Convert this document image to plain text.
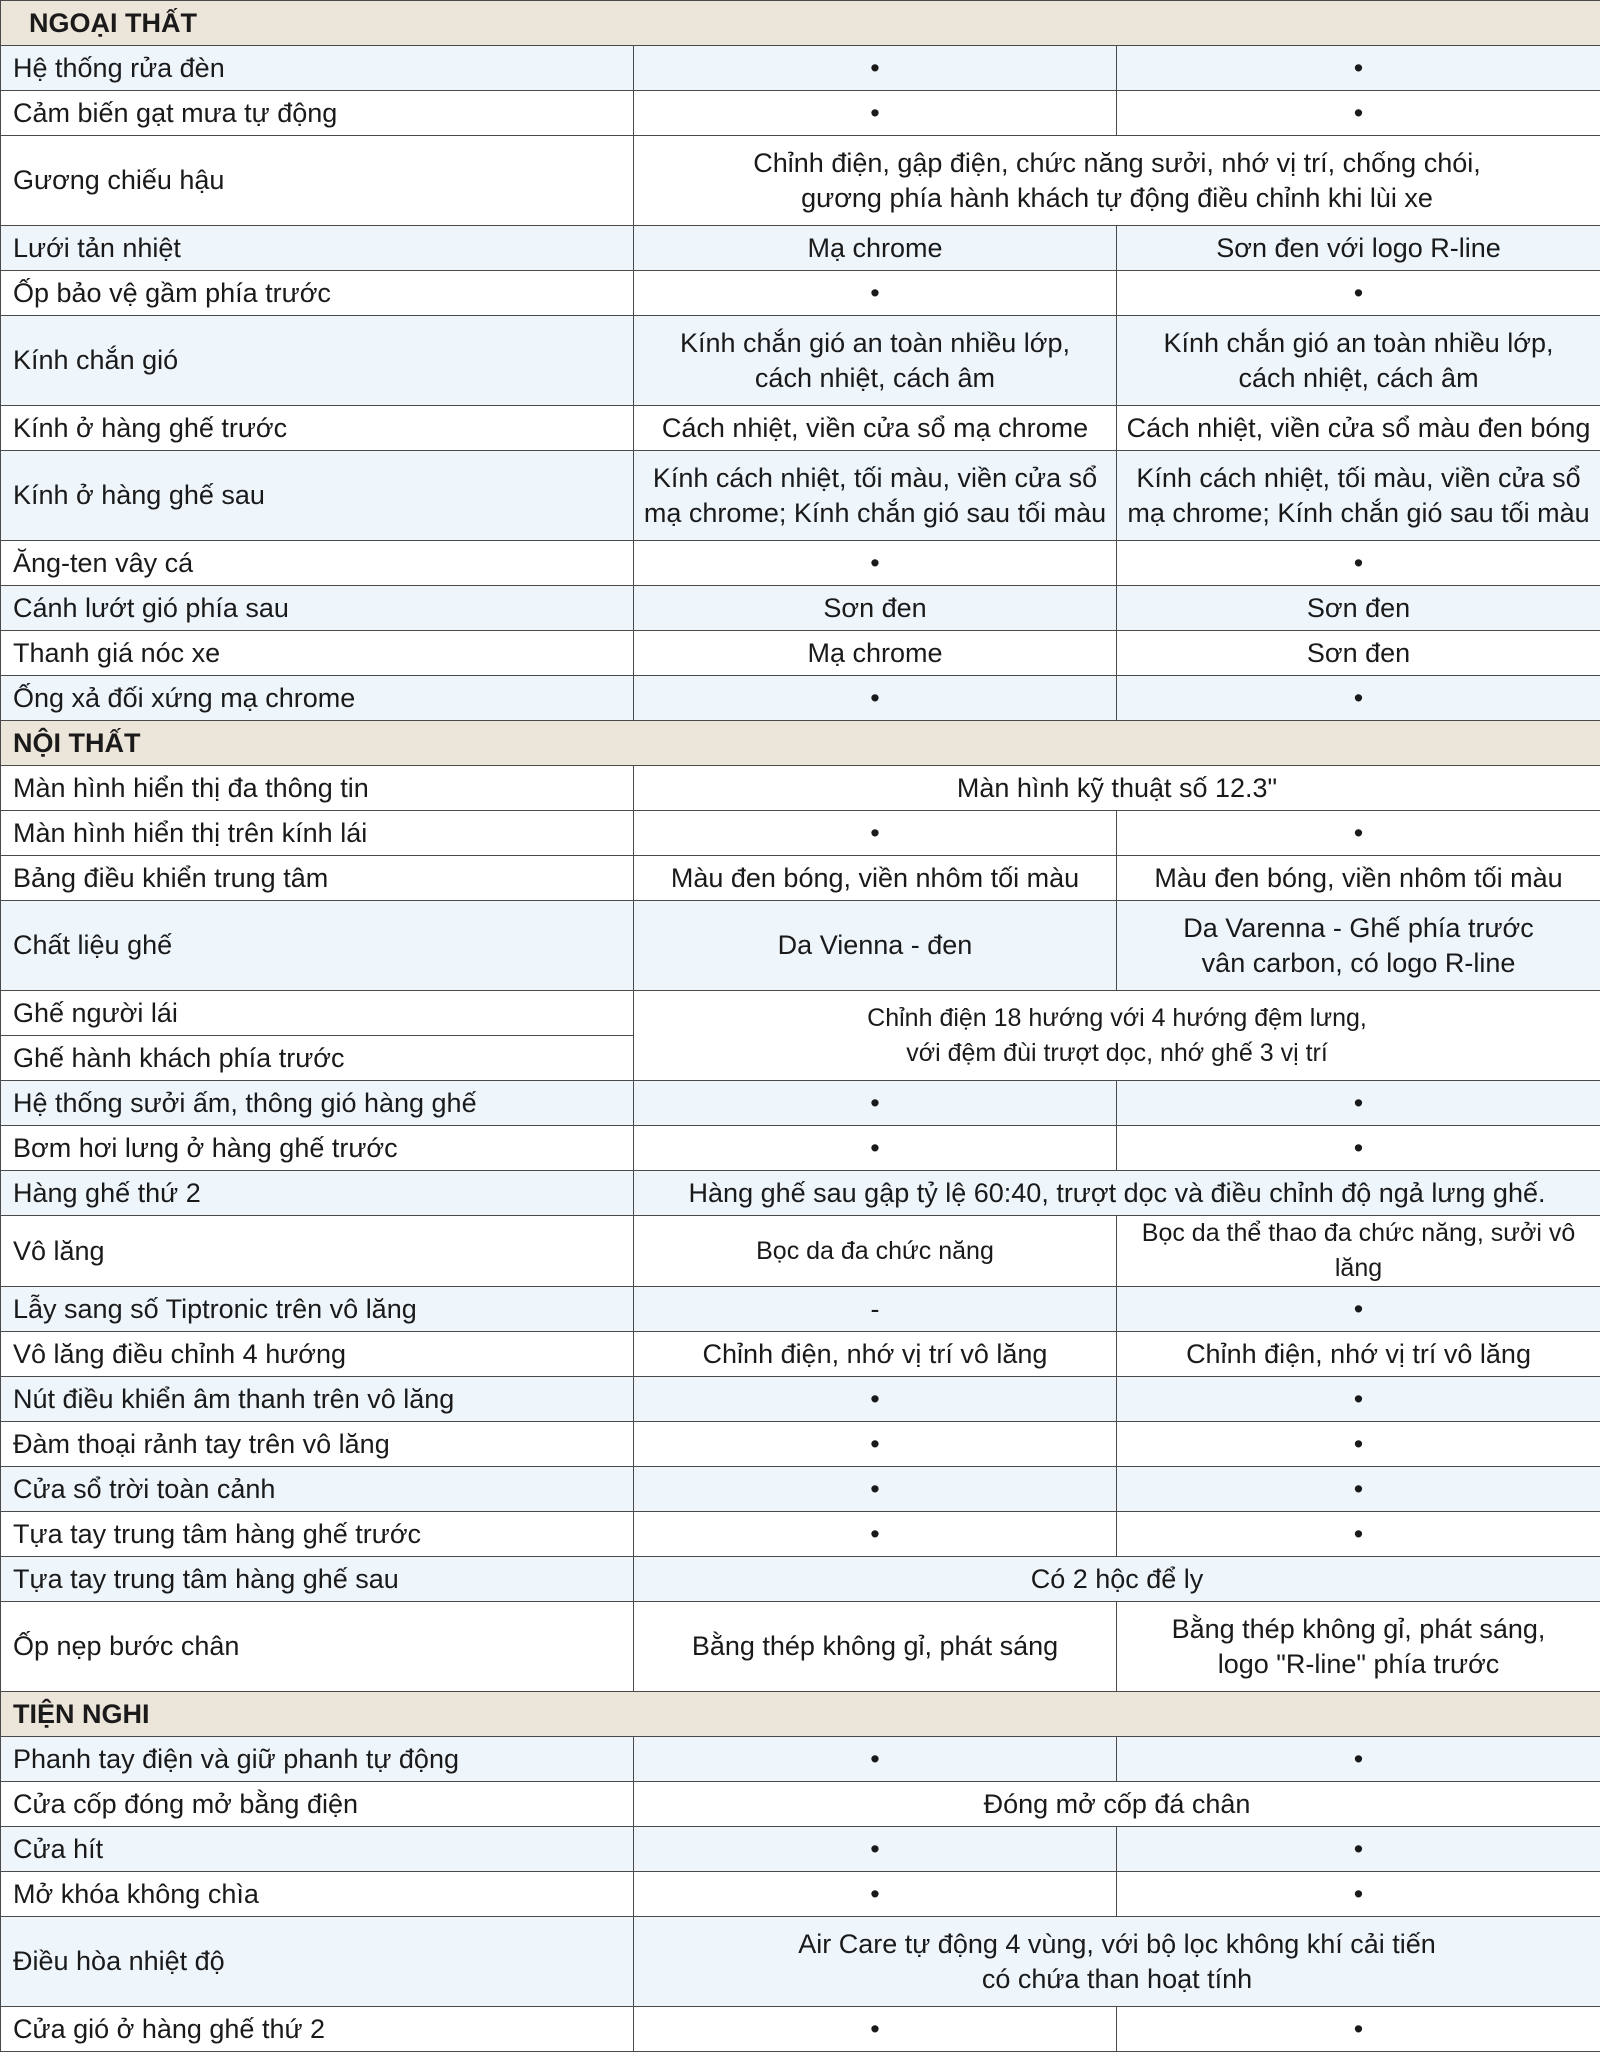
NGOẠI THẤT		
Hệ thống rửa đèn	•	•
Cảm biến gạt mưa tự động	•	•
Gương chiếu hậu	Chỉnh điện, gập điện, chức năng sưởi, nhớ vị trí, chống chói,
gương phía hành khách tự động điều chỉnh khi lùi xe	

Lưới tản nhiệt	Mạ chrome	Sơn đen với logo R-line
Ốp bảo vệ gầm phía trước	•	•
Kính chắn gió	Kính chắn gió an toàn nhiều lớp,
cách nhiệt, cách âm	Kính chắn gió an toàn nhiều lớp,
cách nhiệt, cách âm

Kính ở hàng ghế trước	Cách nhiệt, viền cửa sổ mạ chrome	Cách nhiệt, viền cửa sổ màu đen bóng
Kính ở hàng ghế sau	Kính cách nhiệt, tối màu, viền cửa sổ
mạ chrome; Kính chắn gió sau tối màu	Kính cách nhiệt, tối màu, viền cửa sổ
mạ chrome; Kính chắn gió sau tối màu

Ăng-ten vây cá	•	•
Cánh lướt gió phía sau	Sơn đen	Sơn đen
Thanh giá nóc xe	Mạ chrome	Sơn đen
Ống xả đối xứng mạ chrome	•	•
NỘI THẤT		
Màn hình hiển thị đa thông tin	Màn hình kỹ thuật số 12.3"	
Màn hình hiển thị trên kính lái	•	•
Bảng điều khiển trung tâm	Màu đen bóng, viền nhôm tối màu	Màu đen bóng, viền nhôm tối màu
Chất liệu ghế	Da Vienna - đen	Da Varenna - Ghế phía trước
vân carbon, có logo R-line

Ghế người lái	Chỉnh điện 18 hướng với 4 hướng đệm lưng,
với đệm đùi trượt dọc, nhớ ghế 3 vị trí	

Ghế hành khách phía trước		
Hệ thống sưởi ấm, thông gió hàng ghế	•	•
Bơm hơi lưng ở hàng ghế trước	•	•
Hàng ghế thứ 2	Hàng ghế sau gập tỷ lệ 60:40, trượt dọc và điều chỉnh độ ngả lưng ghế.	
Vô lăng	Bọc da đa chức năng	Bọc da thể thao đa chức năng, sưởi vô lăng
Lẫy sang số Tiptronic trên vô lăng	-	•
Vô lăng điều chỉnh 4 hướng	Chỉnh điện, nhớ vị trí vô lăng	Chỉnh điện, nhớ vị trí vô lăng
Nút điều khiển âm thanh trên vô lăng	•	•
Đàm thoại rảnh tay trên vô lăng	•	•
Cửa sổ trời toàn cảnh	•	•
Tựa tay trung tâm hàng ghế trước	•	•
Tựa tay trung tâm hàng ghế sau	Có 2 hộc để ly	
Ốp nẹp bước chân	Bằng thép không gỉ, phát sáng	Bằng thép không gỉ, phát sáng,
logo "R-line" phía trước

TIỆN NGHI		
Phanh tay điện và giữ phanh tự động	•	•
Cửa cốp đóng mở bằng điện	Đóng mở cốp đá chân	
Cửa hít	•	•
Mở khóa không chìa	•	•
Điều hòa nhiệt độ	Air Care tự động 4 vùng, với bộ lọc không khí cải tiến
có chứa than hoạt tính	

Cửa gió ở hàng ghế thứ 2	•	•
